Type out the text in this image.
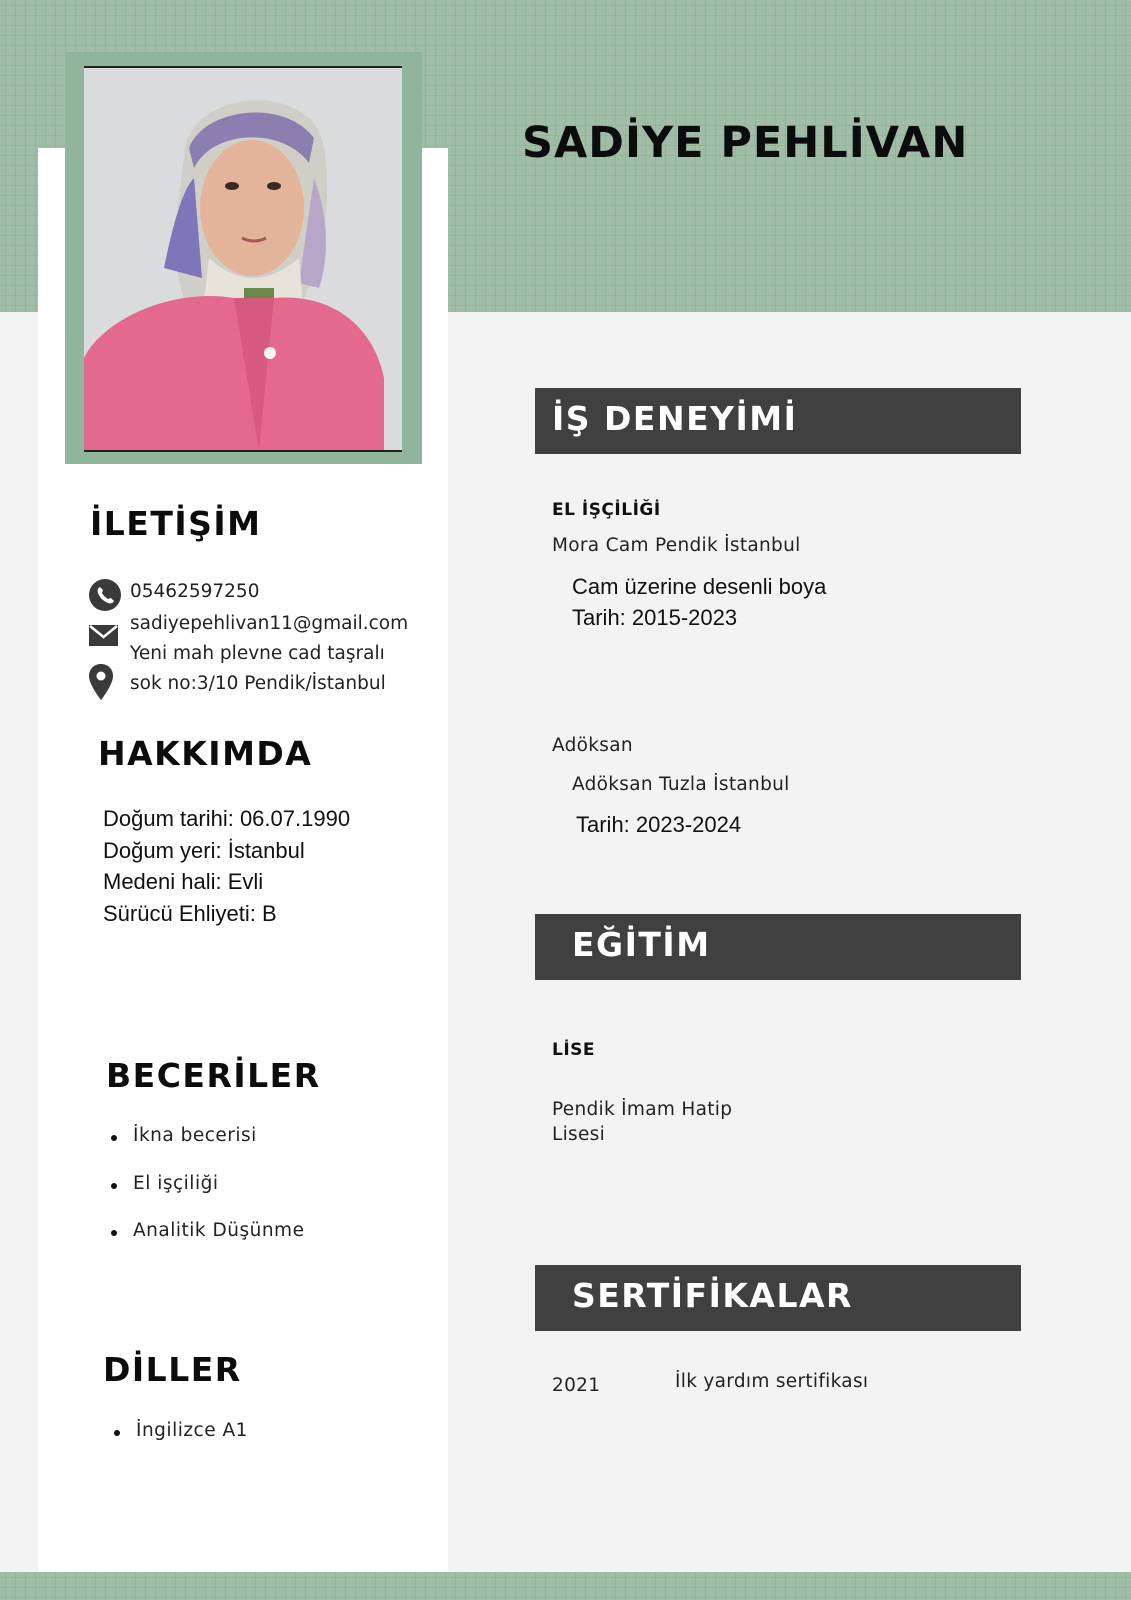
SADİYE PEHLİVAN
İLETİŞİM
05462597250
sadiyepehlivan11@gmail.com
Yeni mah plevne cad taşralı
sok no:3/10 Pendik/İstanbul
HAKKIMDA
Doğum tarihi: 06.07.1990
Doğum yeri: İstanbul
Medeni hali: Evli
Sürücü Ehliyeti: B
BECERİLER
İkna becerisi
El işçiliği
Analitik Düşünme
DİLLER
İngilizce A1
İŞ DENEYİMİ
EL İŞÇİLİĞİ
Mora Cam Pendik İstanbul
Cam üzerine desenli boya
Tarih: 2015-2023
Adöksan
Adöksan Tuzla İstanbul
Tarih: 2023-2024
EĞİTİM
LİSE
Pendik İmam Hatip
Lisesi
SERTİFİKALAR
2021	İlk yardım sertifikası
